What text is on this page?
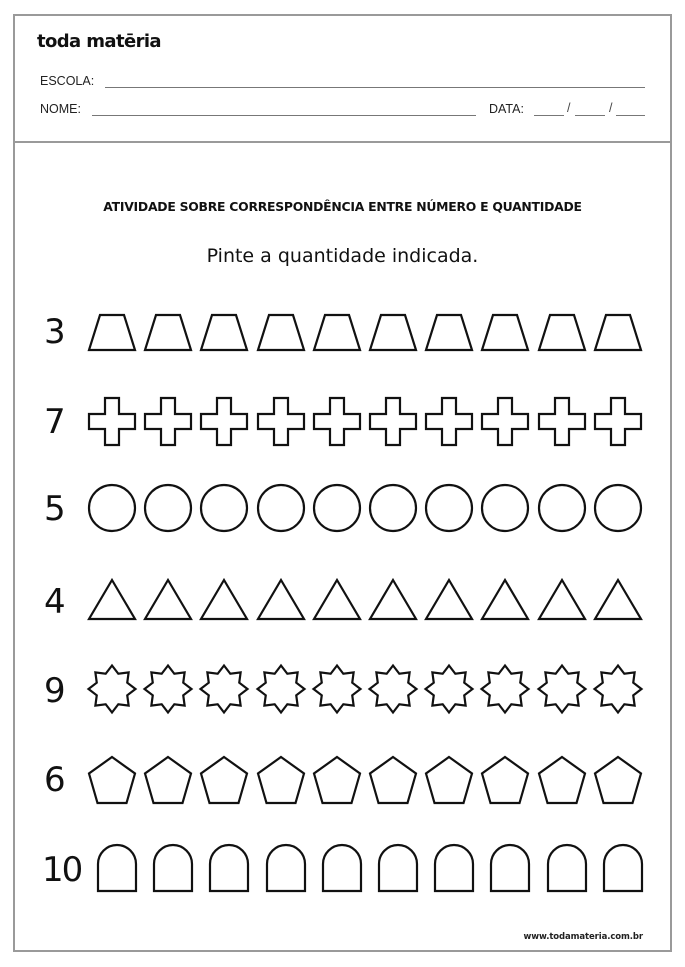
toda matēria
ESCOLA:
NOME:	DATA:	/	/
ATIVIDADE SOBRE CORRESPONDÊNCIA ENTRE NÚMERO E QUANTIDADE
Pinte a quantidade indicada.
3
7
5
4
9
6
10
www.todamateria.com.br
